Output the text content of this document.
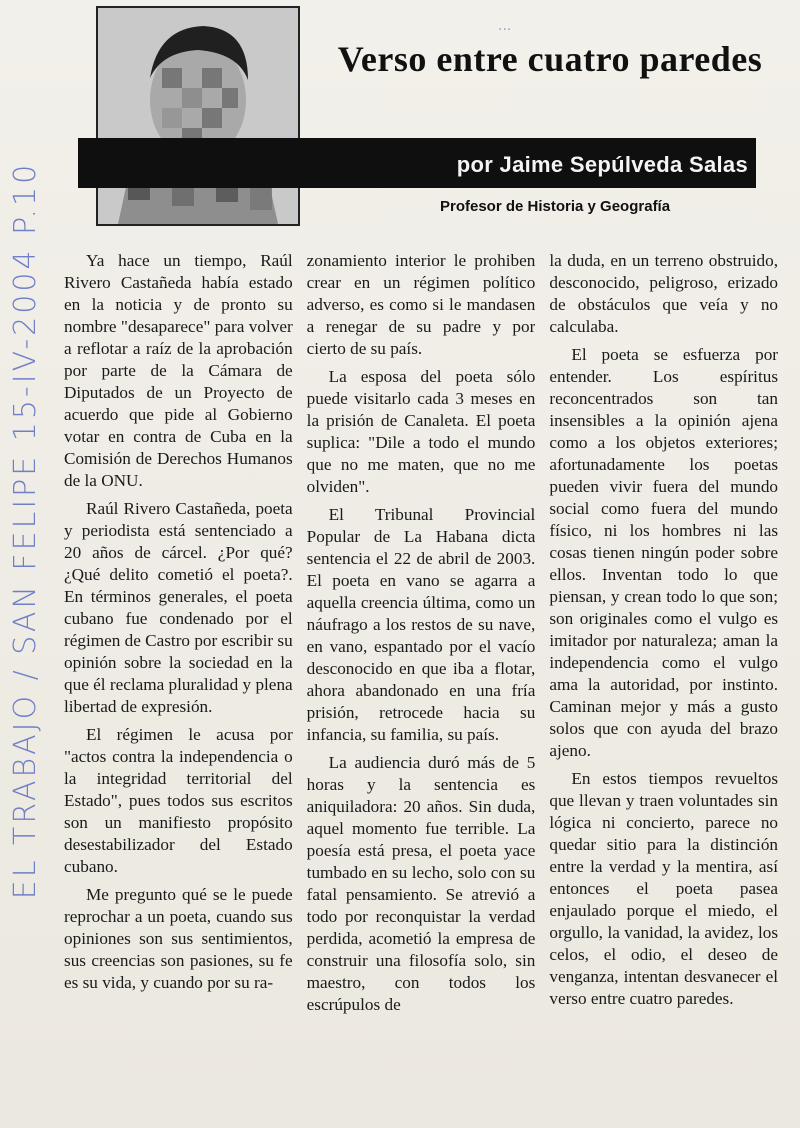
EL TRABAJO / SAN FELIPE 15-IV-2004 P.10
...
Verso entre cuatro paredes
por Jaime Sepúlveda Salas
Profesor de Historia y Geografía

Ya hace un tiempo, Raúl Rivero Castañeda había estado en la noticia y de pronto su nombre "desaparece" para volver a reflotar a raíz de la aprobación por parte de la Cámara de Diputados de un Proyecto de acuerdo que pide al Gobierno votar en contra de Cuba en la Comisión de Derechos Humanos de la ONU.

Raúl Rivero Castañeda, poeta y periodista está sentenciado a 20 años de cárcel. ¿Por qué? ¿Qué delito cometió el poeta?. En términos generales, el poeta cubano fue condenado por el régimen de Castro por escribir su opinión sobre la sociedad en la que él reclama pluralidad y plena libertad de expresión.

El régimen le acusa por "actos contra la independencia o la integridad territorial del Estado", pues todos sus escritos son un manifiesto propósito desestabilizador del Estado cubano.

Me pregunto qué se le puede reprochar a un poeta, cuando sus opiniones son sus sentimientos, sus creencias son pasiones, su fe es su vida, y cuando por su ra-

zonamiento interior le prohiben crear en un régimen político adverso, es como si le mandasen a renegar de su padre y por cierto de su país.

La esposa del poeta sólo puede visitarlo cada 3 meses en la prisión de Canaleta. El poeta suplica: "Dile a todo el mundo que no me maten, que no me olviden".

El Tribunal Provincial Popular de La Habana dicta sentencia el 22 de abril de 2003. El poeta en vano se agarra a aquella creencia última, como un náufrago a los restos de su nave, en vano, espantado por el vacío desconocido en que iba a flotar, ahora abandonado en una fría prisión, retrocede hacia su infancia, su familia, su país.

La audiencia duró más de 5 horas y la sentencia es aniquiladora: 20 años. Sin duda, aquel momento fue terrible. La poesía está presa, el poeta yace tumbado en su lecho, solo con su fatal pensamiento. Se atrevió a todo por reconquistar la verdad perdida, acometió la empresa de construir una filosofía solo, sin maestro, con todos los escrúpulos de

la duda, en un terreno obstruido, desconocido, peligroso, erizado de obstáculos que veía y no calculaba.

El poeta se esfuerza por entender. Los espíritus reconcentrados son tan insensibles a la opinión ajena como a los objetos exteriores; afortunadamente los poetas pueden vivir fuera del mundo social como fuera del mundo físico, ni los hombres ni las cosas tienen ningún poder sobre ellos. Inventan todo lo que piensan, y crean todo lo que son; son originales como el vulgo es imitador por naturaleza; aman la independencia como el vulgo ama la autoridad, por instinto. Caminan mejor y más a gusto solos que con ayuda del brazo ajeno.

En estos tiempos revueltos que llevan y traen voluntades sin lógica ni concierto, parece no quedar sitio para la distinción entre la verdad y la mentira, así entonces el poeta pasea enjaulado porque el miedo, el orgullo, la vanidad, la avidez, los celos, el odio, el deseo de venganza, intentan desvanecer el verso entre cuatro paredes.
